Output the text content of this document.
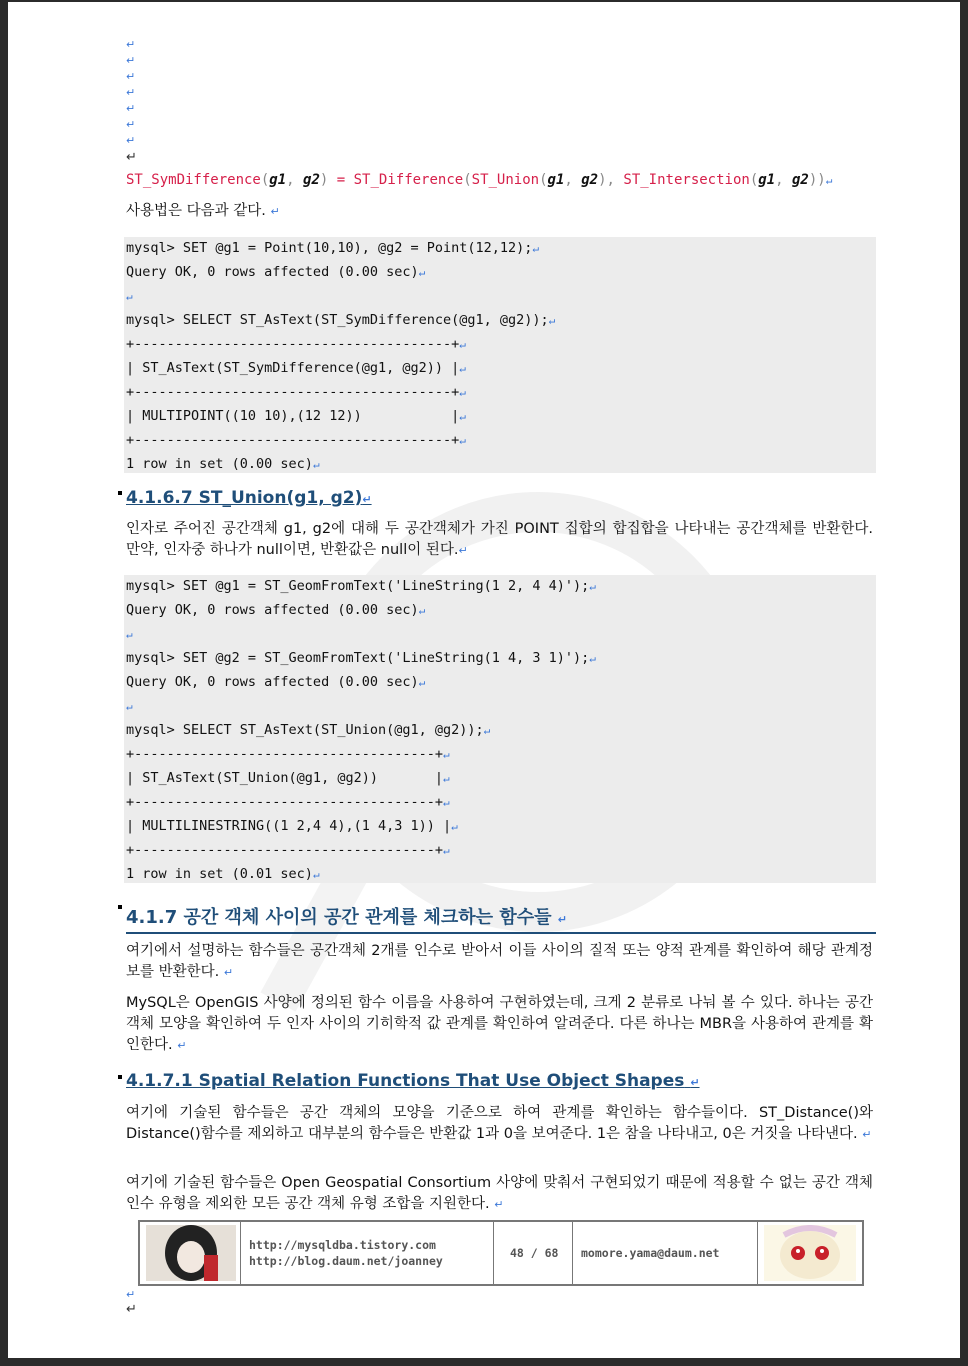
↵
↵
↵
↵
↵
↵
↵
↵
ST_SymDifference(g1, g2) = ST_Difference(ST_Union(g1, g2), ST_Intersection(g1, g2))↵
사용법은 다음과 같다. ↵
mysql> SET @g1 = Point(10,10), @g2 = Point(12,12);↵
Query OK, 0 rows affected (0.00 sec)↵
↵
mysql> SELECT ST_AsText(ST_SymDifference(@g1, @g2));↵
+---------------------------------------+↵
| ST_AsText(ST_SymDifference(@g1, @g2)) |↵
+---------------------------------------+↵
| MULTIPOINT((10 10),(12 12))           |↵
+---------------------------------------+↵
1 row in set (0.00 sec)↵
4.1.6.7 ST_Union(g1, g2)↵
인자로 주어진 공간객체 g1, g2에 대해 두 공간객체가 가진 POINT 집합의 합집합을 나타내는 공간객체를 반환한다. 만약, 인자중 하나가 null이면, 반환값은 null이 된다.↵
mysql> SET @g1 = ST_GeomFromText('LineString(1 2, 4 4)');↵
Query OK, 0 rows affected (0.00 sec)↵
↵
mysql> SET @g2 = ST_GeomFromText('LineString(1 4, 3 1)');↵
Query OK, 0 rows affected (0.00 sec)↵
↵
mysql> SELECT ST_AsText(ST_Union(@g1, @g2));↵
+-------------------------------------+↵
| ST_AsText(ST_Union(@g1, @g2))       |↵
+-------------------------------------+↵
| MULTILINESTRING((1 2,4 4),(1 4,3 1)) |↵
+-------------------------------------+↵
1 row in set (0.01 sec)↵
4.1.7 공간 객체 사이의 공간 관계를 체크하는 함수들 ↵
여기에서 설명하는 함수들은 공간객체 2개를 인수로 받아서 이들 사이의 질적 또는 양적 관계를 확인하여 해당 관계정보를 반환한다. ↵
MySQL은 OpenGIS 사양에 정의된 함수 이름을 사용하여 구현하였는데, 크게 2 분류로 나눠 볼 수 있다. 하나는 공간 객체 모양을 확인하여 두 인자 사이의 기히학적 값 관계를 확인하여 알려준다. 다른 하나는 MBR을 사용하여 관계를 확인한다. ↵
4.1.7.1 Spatial Relation Functions That Use Object Shapes ↵
여기에 기술된 함수들은 공간 객체의 모양을 기준으로 하여 관계를 확인하는 함수들이다. ST_Distance()와 Distance()함수를 제외하고 대부분의 함수들은 반환값 1과 0을 보여준다. 1은 참을 나타내고, 0은 거짓을 나타낸다. ↵
여기에 기술된 함수들은 Open Geospatial Consortium 사양에 맞춰서 구현되었기 때문에 적용할 수 없는 공간 객체 인수 유형을 제외한 모든 공간 객체 유형 조합을 지원한다. ↵
http://mysqldba.tistory.com
http://blog.daum.net/joanney
48 / 68 momore.yama@daum.net
↵
↵
